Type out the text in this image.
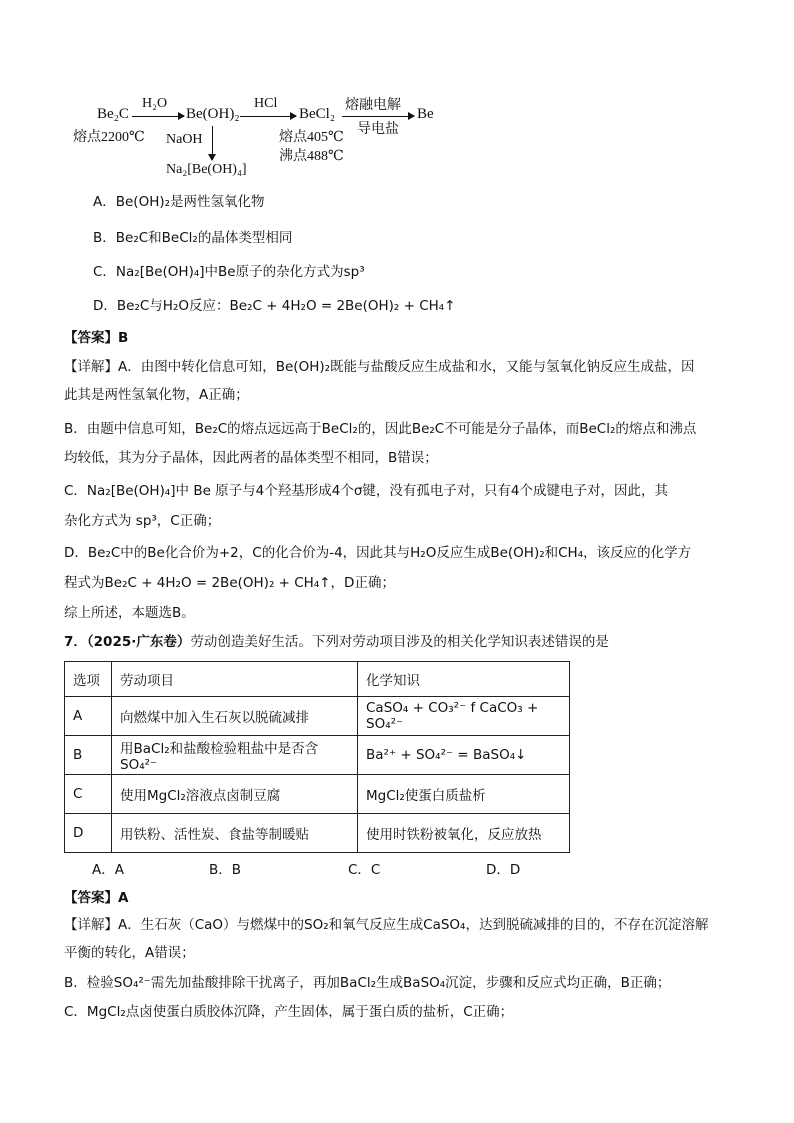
Be₂C
熔点2200℃
H₂O
Be(OH)₂
HCl
BeCl₂
熔点405℃
沸点488℃
熔融电解
导电盐
Be
NaOH
Na₂[Be(OH)₄]
A．Be(OH)₂是两性氢氧化物
B．Be₂C和BeCl₂的晶体类型相同
C．Na₂[Be(OH)₄]中Be原子的杂化方式为sp³
D．Be₂C与H₂O反应：Be₂C + 4H₂O = 2Be(OH)₂ + CH₄↑
【答案】B
【详解】A．由图中转化信息可知，Be(OH)₂既能与盐酸反应生成盐和水，又能与氢氧化钠反应生成盐，因
此其是两性氢氧化物，A正确；
B．由题中信息可知，Be₂C的熔点远远高于BeCl₂的，因此Be₂C不可能是分子晶体，而BeCl₂的熔点和沸点
均较低，其为分子晶体，因此两者的晶体类型不相同，B错误；
C．Na₂[Be(OH)₄]中 Be 原子与4个羟基形成4个σ键，没有孤电子对，只有4个成键电子对，因此，其
杂化方式为 sp³，C正确；
D．Be₂C中的Be化合价为+2，C的化合价为-4，因此其与H₂O反应生成Be(OH)₂和CH₄，该反应的化学方
程式为Be₂C + 4H₂O = 2Be(OH)₂ + CH₄↑，D正确；
综上所述，本题选B。
7．（2025·广东卷）劳动创造美好生活。下列对劳动项目涉及的相关化学知识表述错误的是
选项	劳动项目	化学知识
A	向燃煤中加入生石灰以脱硫减排	CaSO₄ + CO₃²⁻ f CaCO₃ + SO₄²⁻
B	用BaCl₂和盐酸检验粗盐中是否含SO₄²⁻	Ba²⁺ + SO₄²⁻ = BaSO₄↓
C	使用MgCl₂溶液点卤制豆腐	MgCl₂使蛋白质盐析
D	用铁粉、活性炭、食盐等制暖贴	使用时铁粉被氧化，反应放热
A．A	B．B	C．C	D．D
【答案】A
【详解】A．生石灰（CaO）与燃煤中的SO₂和氧气反应生成CaSO₄，达到脱硫减排的目的，不存在沉淀溶解
平衡的转化，A错误；
B．检验SO₄²⁻需先加盐酸排除干扰离子，再加BaCl₂生成BaSO₄沉淀，步骤和反应式均正确，B正确；
C．MgCl₂点卤使蛋白质胶体沉降，产生固体，属于蛋白质的盐析，C正确；
